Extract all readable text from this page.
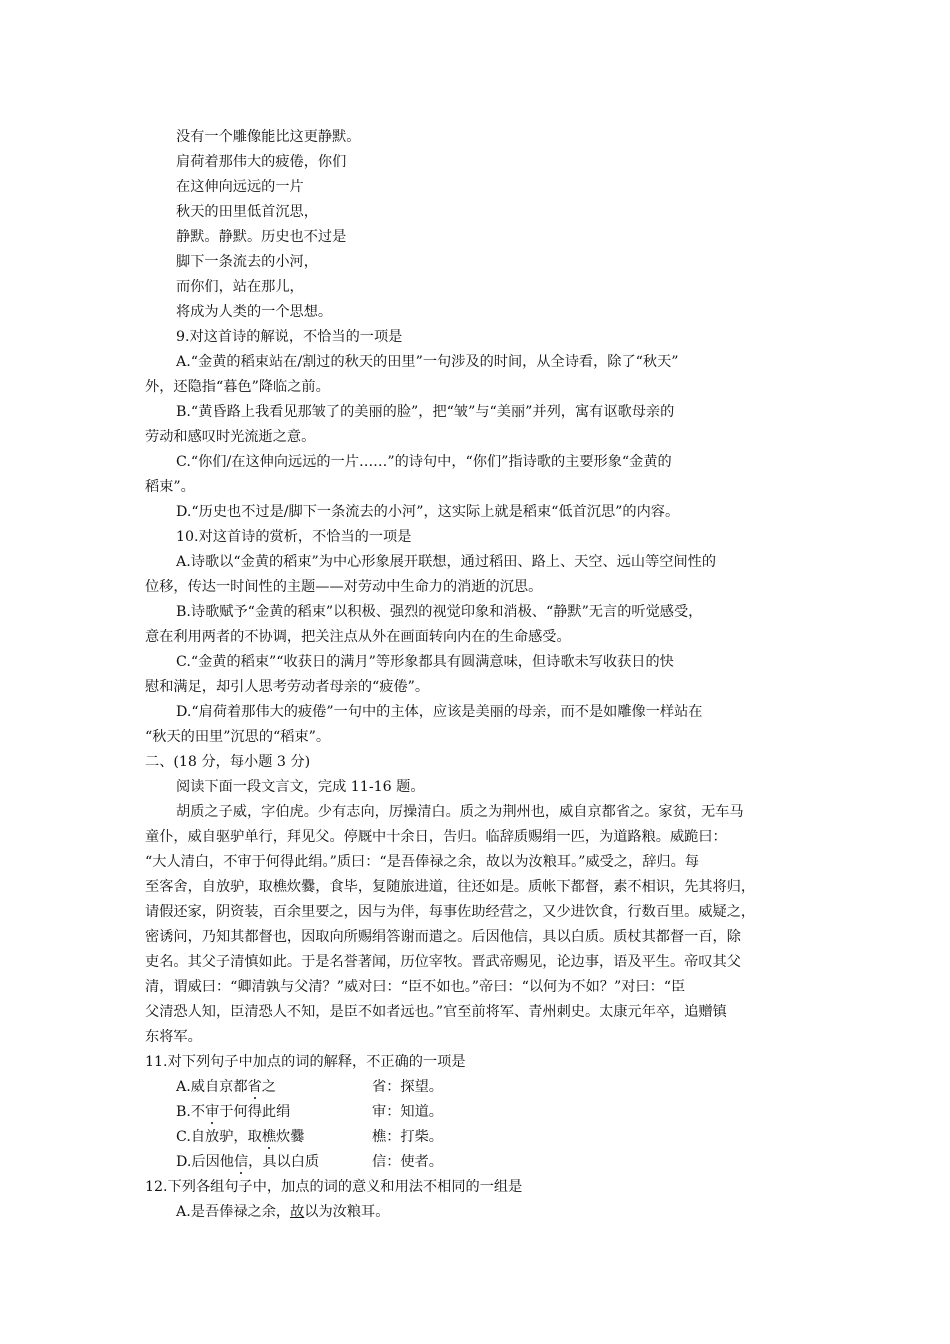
没有一个雕像能比这更静默。
肩荷着那伟大的疲倦，你们
在这伸向远远的一片
秋天的田里低首沉思，
静默。静默。历史也不过是
脚下一条流去的小河，
而你们，站在那儿，
将成为人类的一个思想。
9.对这首诗的解说，不恰当的一项是
A.“金黄的稻束站在/割过的秋天的田里”一句涉及的时间，从全诗看，除了“秋天”
外，还隐指“暮色”降临之前。
B.“黄昏路上我看见那皱了的美丽的脸”，把“皱”与“美丽”并列，寓有讴歌母亲的
劳动和感叹时光流逝之意。
C.“你们/在这伸向远远的一片……”的诗句中，“你们”指诗歌的主要形象“金黄的
稻束”。
D.“历史也不过是/脚下一条流去的小河”，这实际上就是稻束“低首沉思”的内容。
10.对这首诗的赏析，不恰当的一项是
A.诗歌以“金黄的稻束”为中心形象展开联想，通过稻田、路上、天空、远山等空间性的
位移，传达一时间性的主题——对劳动中生命力的消逝的沉思。
B.诗歌赋予“金黄的稻束”以积极、强烈的视觉印象和消极、“静默”无言的听觉感受，
意在利用两者的不协调，把关注点从外在画面转向内在的生命感受。
C.“金黄的稻束”“收获日的满月”等形象都具有圆满意味，但诗歌未写收获日的快
慰和满足，却引人思考劳动者母亲的“疲倦”。
D.“肩荷着那伟大的疲倦”一句中的主体，应该是美丽的母亲，而不是如雕像一样站在
“秋天的田里”沉思的“稻束”。
二、(18 分，每小题 3 分)
阅读下面一段文言文，完成 11-16 题。
胡质之子威，字伯虎。少有志向，厉操清白。质之为荆州也，威自京都省之。家贫，无车马
童仆，威自驱驴单行，拜见父。停厩中十余日，告归。临辞质赐绢一匹，为道路粮。威跪曰：
“大人清白，不审于何得此绢。”质曰：“是吾俸禄之余，故以为汝粮耳。”威受之，辞归。每
至客舍，自放驴，取樵炊爨，食毕，复随旅进道，往还如是。质帐下都督，素不相识，先其将归，
请假还家，阴资装，百余里要之，因与为伴，每事佐助经营之，又少进饮食，行数百里。威疑之，
密诱问，乃知其都督也，因取向所赐绢答谢而遣之。后因他信，具以白质。质杖其都督一百，除
吏名。其父子清慎如此。于是名誉著闻，历位宰牧。晋武帝赐见，论边事，语及平生。帝叹其父
清，谓威曰：“卿清孰与父清？”威对曰：“臣不如也。”帝曰：“以何为不如？”对曰：“臣
父清恐人知，臣清恐人不知，是臣不如者远也。”官至前将军、青州刺史。太康元年卒，追赠镇
东将军。
11.对下列句子中加点的词的解释，不正确的一项是
A.威自京都省之	省：探望。
B.不审于何得此绢	审：知道。
C.自放驴，取樵炊爨	樵：打柴。
D.后因他信，具以白质	信：使者。
12.下列各组句子中，加点的词的意义和用法不相同的一组是
A.是吾俸禄之余，故以为汝粮耳。
